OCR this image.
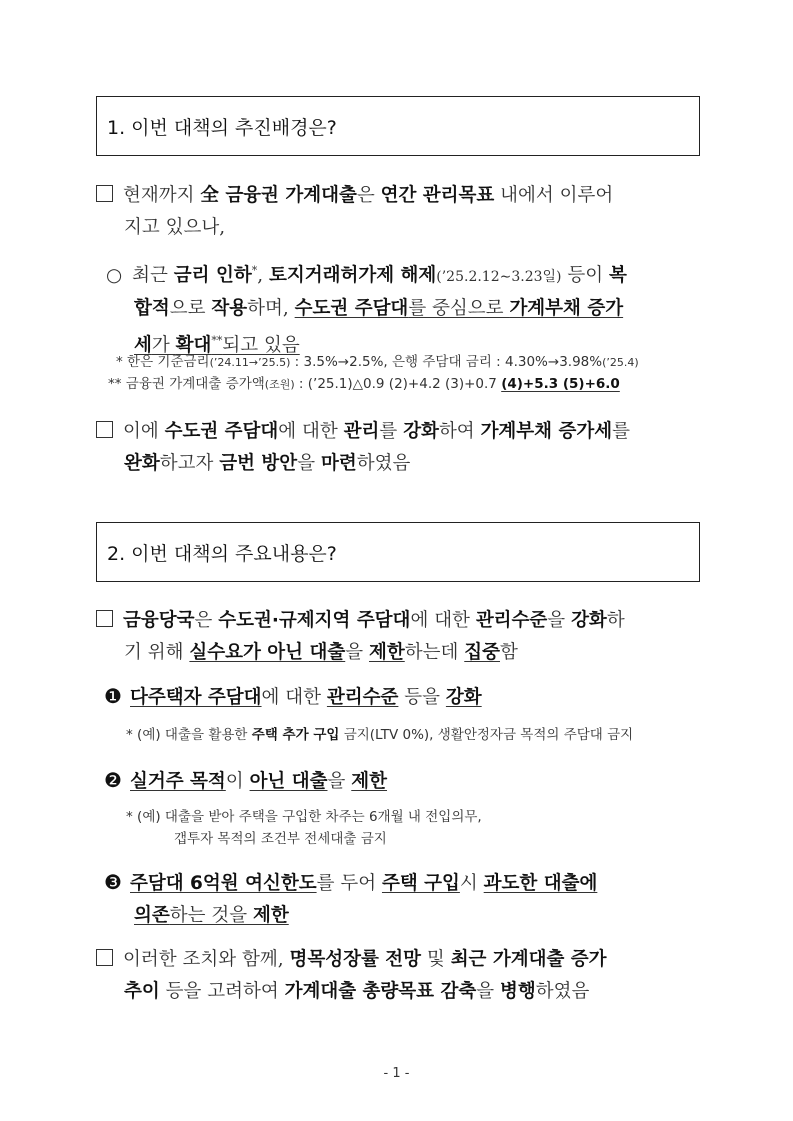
1. 이번 대책의 추진배경은?
현재까지 全 금융권 가계대출은 연간 관리목표 내에서 이루어
지고 있으나,
○ 최근 금리 인하*, 토지거래허가제 해제(’25.2.12∼3.23일) 등이 복
합적으로 작용하며, 수도권 주담대를 중심으로 가계부채 증가
세가 확대**되고 있음
* 한은 기준금리(’24.11→’25.5) : 3.5%→2.5%, 은행 주담대 금리 : 4.30%→3.98%(’25.4)
** 금융권 가계대출 증가액(조원) : (’25.1)△0.9 (2)+4.2 (3)+0.7 (4)+5.3 (5)+6.0
이에 수도권 주담대에 대한 관리를 강화하여 가계부채 증가세를
완화하고자 금번 방안을 마련하였음
2. 이번 대책의 주요내용은?
금융당국은 수도권·규제지역 주담대에 대한 관리수준을 강화하
기 위해 실수요가 아닌 대출을 제한하는데 집중함
❶ 다주택자 주담대에 대한 관리수준 등을 강화
* (예) 대출을 활용한 주택 추가 구입 금지(LTV 0%), 생활안정자금 목적의 주담대 금지
❷ 실거주 목적이 아닌 대출을 제한
* (예) 대출을 받아 주택을 구입한 차주는 6개월 내 전입의무,
갭투자 목적의 조건부 전세대출 금지
❸ 주담대 6억원 여신한도를 두어 주택 구입시 과도한 대출에
의존하는 것을 제한
이러한 조치와 함께, 명목성장률 전망 및 최근 가계대출 증가
추이 등을 고려하여 가계대출 총량목표 감축을 병행하였음
- 1 -
